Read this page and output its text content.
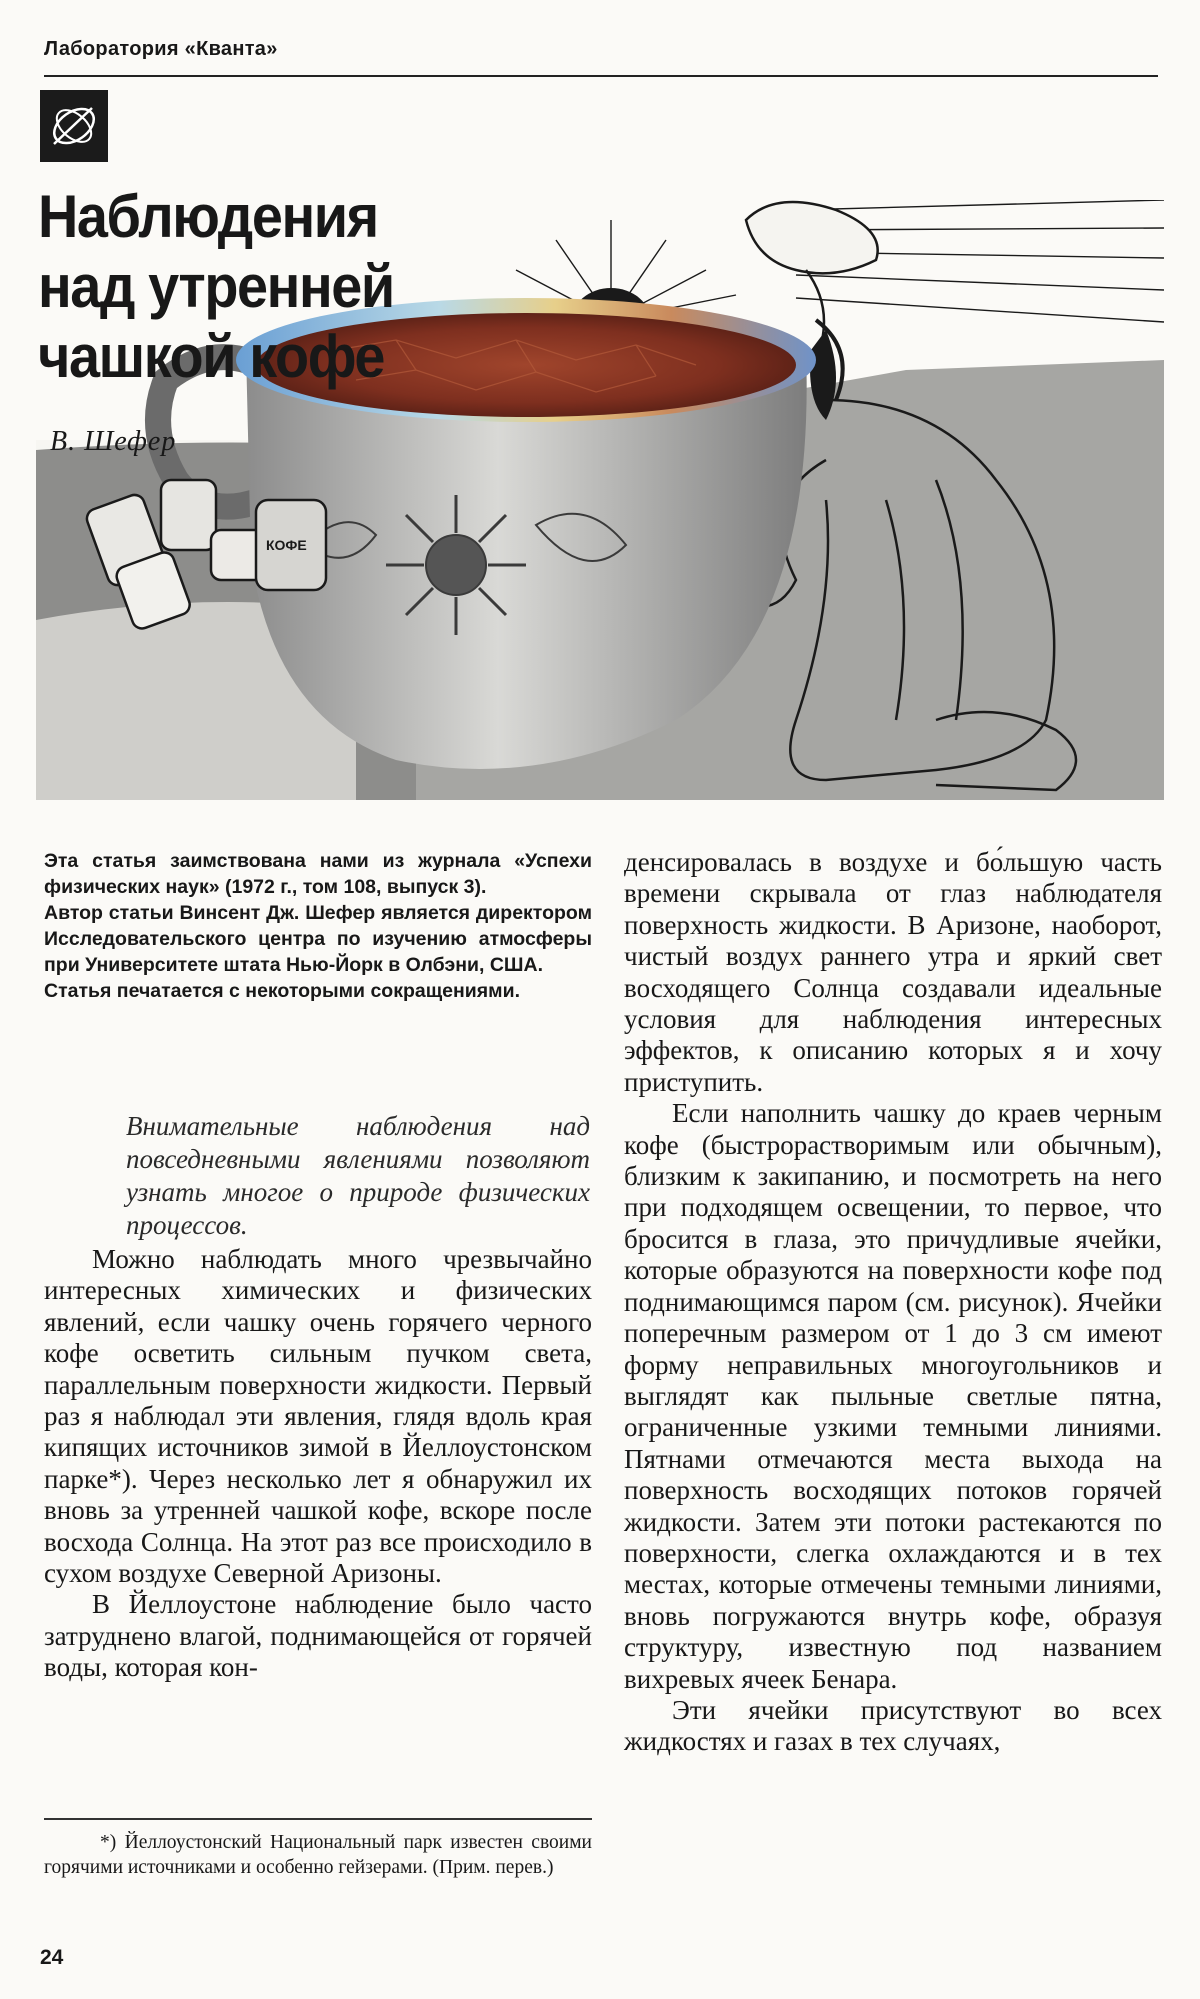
Лаборатория «Кванта»
КОФЕ
Наблюдения
над утренней
чашкой кофе
В. Шефер

Эта статья заимствована нами из журнала «Успехи физических наук» (1972 г., том 108, выпуск 3).

Автор статьи Винсент Дж. Шефер является директором Исследовательского центра по изучению атмосферы при Университете штата Нью-Йорк в Олбэни, США.

Статья печатается с некоторыми сокращениями.

Внимательные наблюдения над повседневными явлениями позволяют узнать многое о природе физических процессов.

Можно наблюдать много чрезвычайно интересных химических и физических явлений, если чашку очень горячего черного кофе осветить сильным пучком света, параллельным поверхности жидкости. Первый раз я наблюдал эти явления, глядя вдоль края кипящих источников зимой в Йеллоустонском парке*). Через несколько лет я обнаружил их вновь за утренней чашкой кофе, вскоре после восхода Солнца. На этот раз все происходило в сухом воздухе Северной Аризоны.

В Йеллоустоне наблюдение было часто затруднено влагой, поднимающейся от горячей воды, которая кон-

денсировалась в воздухе и бо́льшую часть времени скрывала от глаз наблюдателя поверхность жидкости. В Аризоне, наоборот, чистый воздух раннего утра и яркий свет восходящего Солнца создавали идеальные условия для наблюдения интересных эффектов, к описанию которых я и хочу приступить.

Если наполнить чашку до краев черным кофе (быстрорастворимым или обычным), близким к закипанию, и посмотреть на него при подходящем освещении, то первое, что бросится в глаза, это причудливые ячейки, которые образуются на поверхности кофе под поднимающимся паром (см. рисунок). Ячейки поперечным размером от 1 до 3 см имеют форму неправильных многоугольников и выглядят как пыльные светлые пятна, ограниченные узкими темными линиями. Пятнами отмечаются места выхода на поверхность восходящих потоков горячей жидкости. Затем эти потоки растекаются по поверхности, слегка охлаждаются и в тех местах, которые отмечены темными линиями, вновь погружаются внутрь кофе, образуя структуру, известную под названием вихревых ячеек Бенара.

Эти ячейки присутствуют во всех жидкостях и газах в тех случаях,

*) Йеллоустонский Национальный парк известен своими горячими источниками и особенно гейзерами. (Прим. перев.)

24
